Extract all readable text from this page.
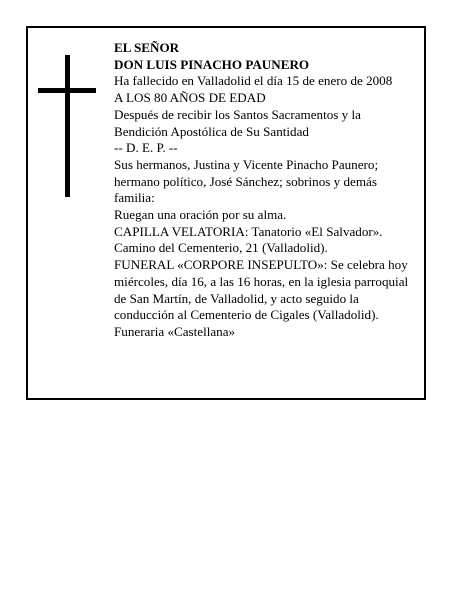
EL SEÑOR
DON LUIS PINACHO PAUNERO
Ha fallecido en Valladolid el día 15 de enero de 2008
A LOS 80 AÑOS DE EDAD
Después de recibir los Santos Sacramentos y la
Bendición Apostólica de Su Santidad
-- D. E. P. --
Sus hermanos, Justina y Vicente Pinacho Paunero;
hermano político, José Sánchez; sobrinos y demás
familia:
Ruegan una oración por su alma.
CAPILLA VELATORIA: Tanatorio «El Salvador».
Camino del Cementerio, 21 (Valladolid).
FUNERAL «CORPORE INSEPULTO»: Se celebra hoy
miércoles, día 16, a las 16 horas, en la iglesia parroquial
de San Martín, de Valladolid, y acto seguido la
conducción al Cementerio de Cigales (Valladolid).
Funeraria «Castellana»
